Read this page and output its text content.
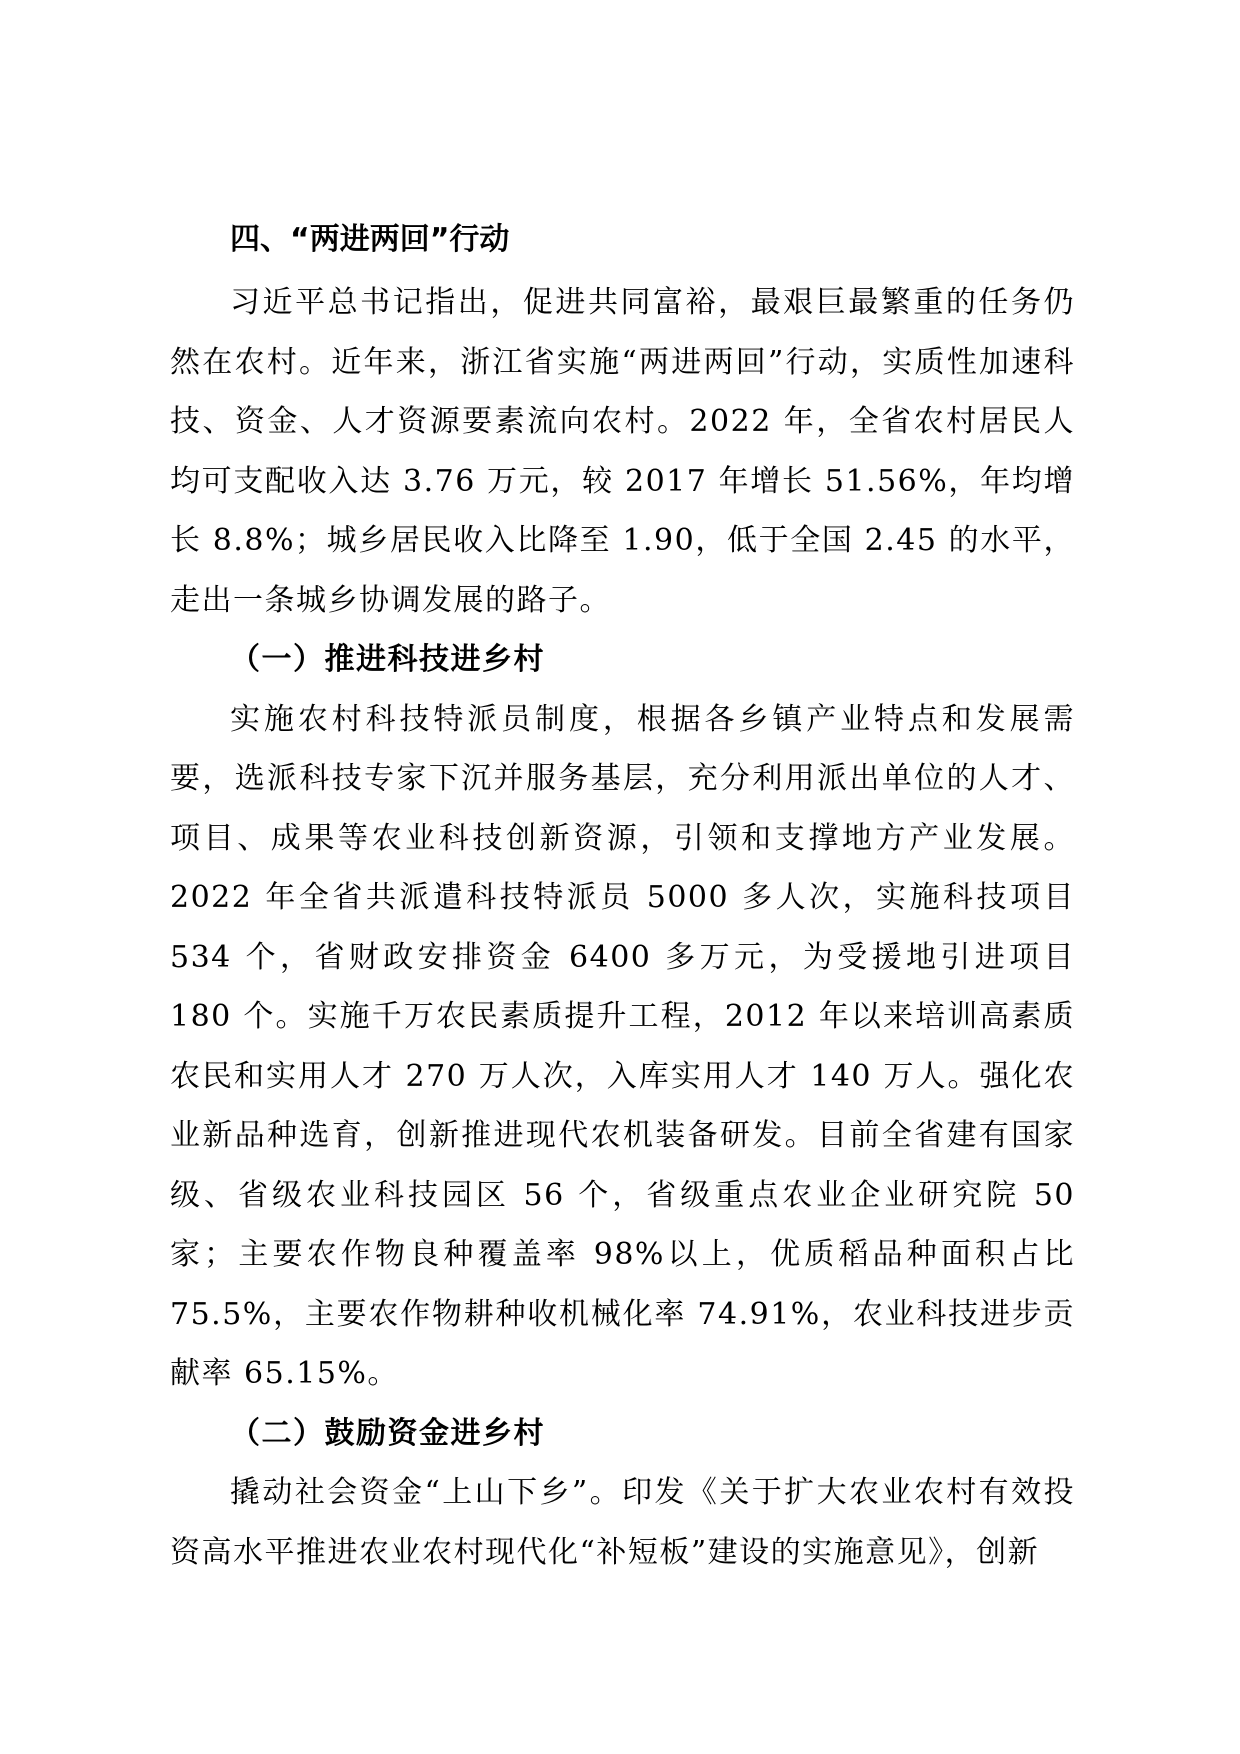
四、“两进两回”行动

习近平总书记指出，促进共同富裕，最艰巨最繁重的任务仍然在农村。近年来，浙江省实施“两进两回”行动，实质性加速科技、资金、人才资源要素流向农村。2022 年，全省农村居民人均可支配收入达 3.76 万元，较 2017 年增长 51.56%，年均增长 8.8%；城乡居民收入比降至 1.90，低于全国 2.45 的水平，走出一条城乡协调发展的路子。

（一）推进科技进乡村

实施农村科技特派员制度，根据各乡镇产业特点和发展需要，选派科技专家下沉并服务基层，充分利用派出单位的人才、项目、成果等农业科技创新资源，引领和支撑地方产业发展。2022 年全省共派遣科技特派员 5000 多人次，实施科技项目 534 个，省财政安排资金 6400 多万元，为受援地引进项目 180 个。实施千万农民素质提升工程，2012 年以来培训高素质农民和实用人才 270 万人次，入库实用人才 140 万人。强化农业新品种选育，创新推进现代农机装备研发。目前全省建有国家级、省级农业科技园区 56 个，省级重点农业企业研究院 50 家；主要农作物良种覆盖率 98%以上，优质稻品种面积占比 75.5%，主要农作物耕种收机械化率 74.91%，农业科技进步贡献率 65.15%。

（二）鼓励资金进乡村

撬动社会资金“上山下乡”。印发《关于扩大农业农村有效投资高水平推进农业农村现代化“补短板”建设的实施意见》，创新
